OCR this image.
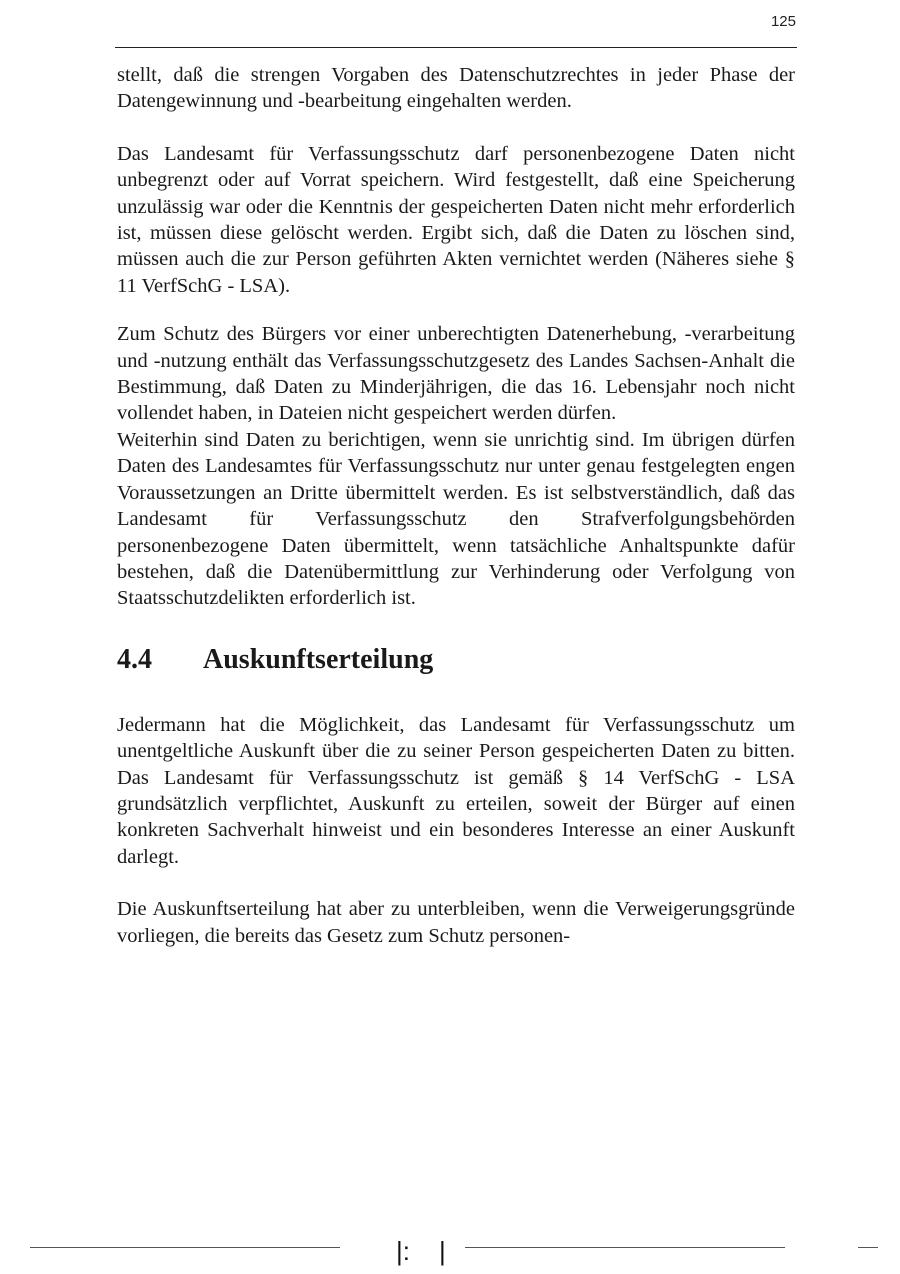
125

stellt, daß die strengen Vorgaben des Datenschutzrechtes in jeder Phase der Datengewinnung und -bearbeitung eingehalten werden.

Das Landesamt für Verfassungsschutz darf personenbezogene Daten nicht unbegrenzt oder auf Vorrat speichern. Wird festgestellt, daß eine Speicherung unzulässig war oder die Kenntnis der gespeicherten Daten nicht mehr erforderlich ist, müssen diese gelöscht werden. Ergibt sich, daß die Daten zu löschen sind, müssen auch die zur Person geführten Akten vernichtet werden (Näheres siehe § 11 VerfSchG - LSA).

Zum Schutz des Bürgers vor einer unberechtigten Datenerhebung, -verarbeitung und -nutzung enthält das Verfassungsschutzgesetz des Landes Sachsen-Anhalt die Bestimmung, daß Daten zu Minderjährigen, die das 16. Lebensjahr noch nicht vollendet haben, in Dateien nicht gespeichert werden dürfen.

Weiterhin sind Daten zu berichtigen, wenn sie unrichtig sind. Im übrigen dürfen Daten des Landesamtes für Verfassungsschutz nur unter genau festgelegten engen Voraussetzungen an Dritte übermittelt werden. Es ist selbstverständlich, daß das Landesamt für Verfassungsschutz den Strafverfolgungsbehörden personenbezogene Daten übermittelt, wenn tatsächliche Anhaltspunkte dafür bestehen, daß die Datenübermittlung zur Verhinderung oder Verfolgung von Staatsschutzdelikten erforderlich ist.

4.4	Auskunftserteilung

Jedermann hat die Möglichkeit, das Landesamt für Verfassungsschutz um unentgeltliche Auskunft über die zu seiner Person gespeicherten Daten zu bitten. Das Landesamt für Verfassungsschutz ist gemäß § 14 VerfSchG - LSA grundsätzlich verpflichtet, Auskunft zu erteilen, soweit der Bürger auf einen konkreten Sachverhalt hinweist und ein besonderes Interesse an einer Auskunft darlegt.

Die Auskunftserteilung hat aber zu unterbleiben, wenn die Verweigerungsgründe vorliegen, die bereits das Gesetz zum Schutz personen-

|: |
